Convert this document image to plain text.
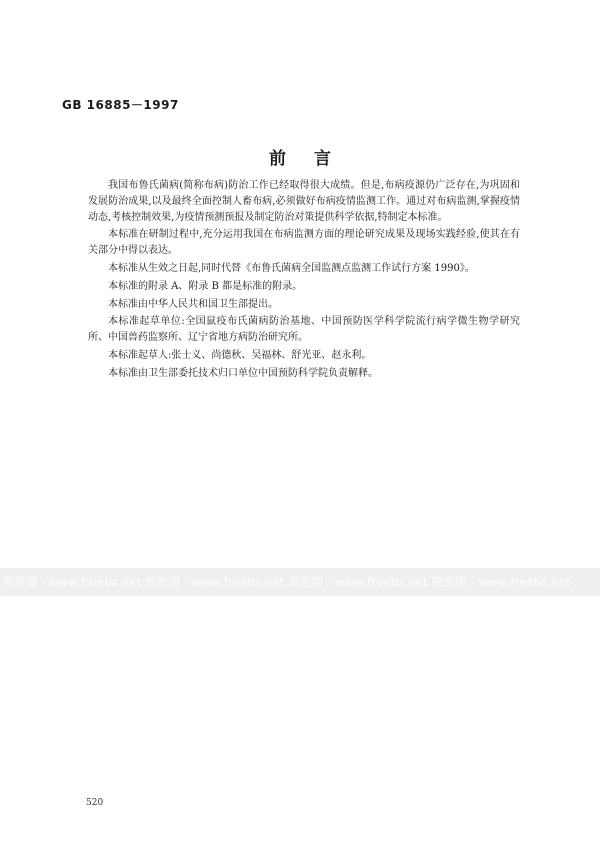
GB 16885－1997
前言

我国布鲁氏菌病(简称布病)防治工作已经取得很大成绩。但是,布病疫源仍广泛存在,为巩固和发展防治成果,以及最终全面控制人畜布病,必须做好布病疫情监测工作。通过对布病监测,掌握疫情动态,考核控制效果,为疫情预测预报及制定防治对策提供科学依据,特制定本标准。

本标准在研制过程中,充分运用我国在布病监测方面的理论研究成果及现场实践经验,使其在有关部分中得以表达。

本标准从生效之日起,同时代替《布鲁氏菌病全国监测点监测工作试行方案 1990》。

本标准的附录 A、附录 B 都是标准的附录。

本标准由中华人民共和国卫生部提出。

本标准起草单位:全国鼠疫布氏菌病防治基地、中国预防医学科学院流行病学微生物学研究所、中国兽药监察所、辽宁省地方病防治研究所。

本标准起草人:张士义、尚德秋、吴福林、舒光亚、赵永利。

本标准由卫生部委托技术归口单位中国预防科学院负责解释。

预览图 - www.freebz.net 预览图 - www.freebz.net 预览图 - www.freebz.net 预览图 - www.freebz.net
520
